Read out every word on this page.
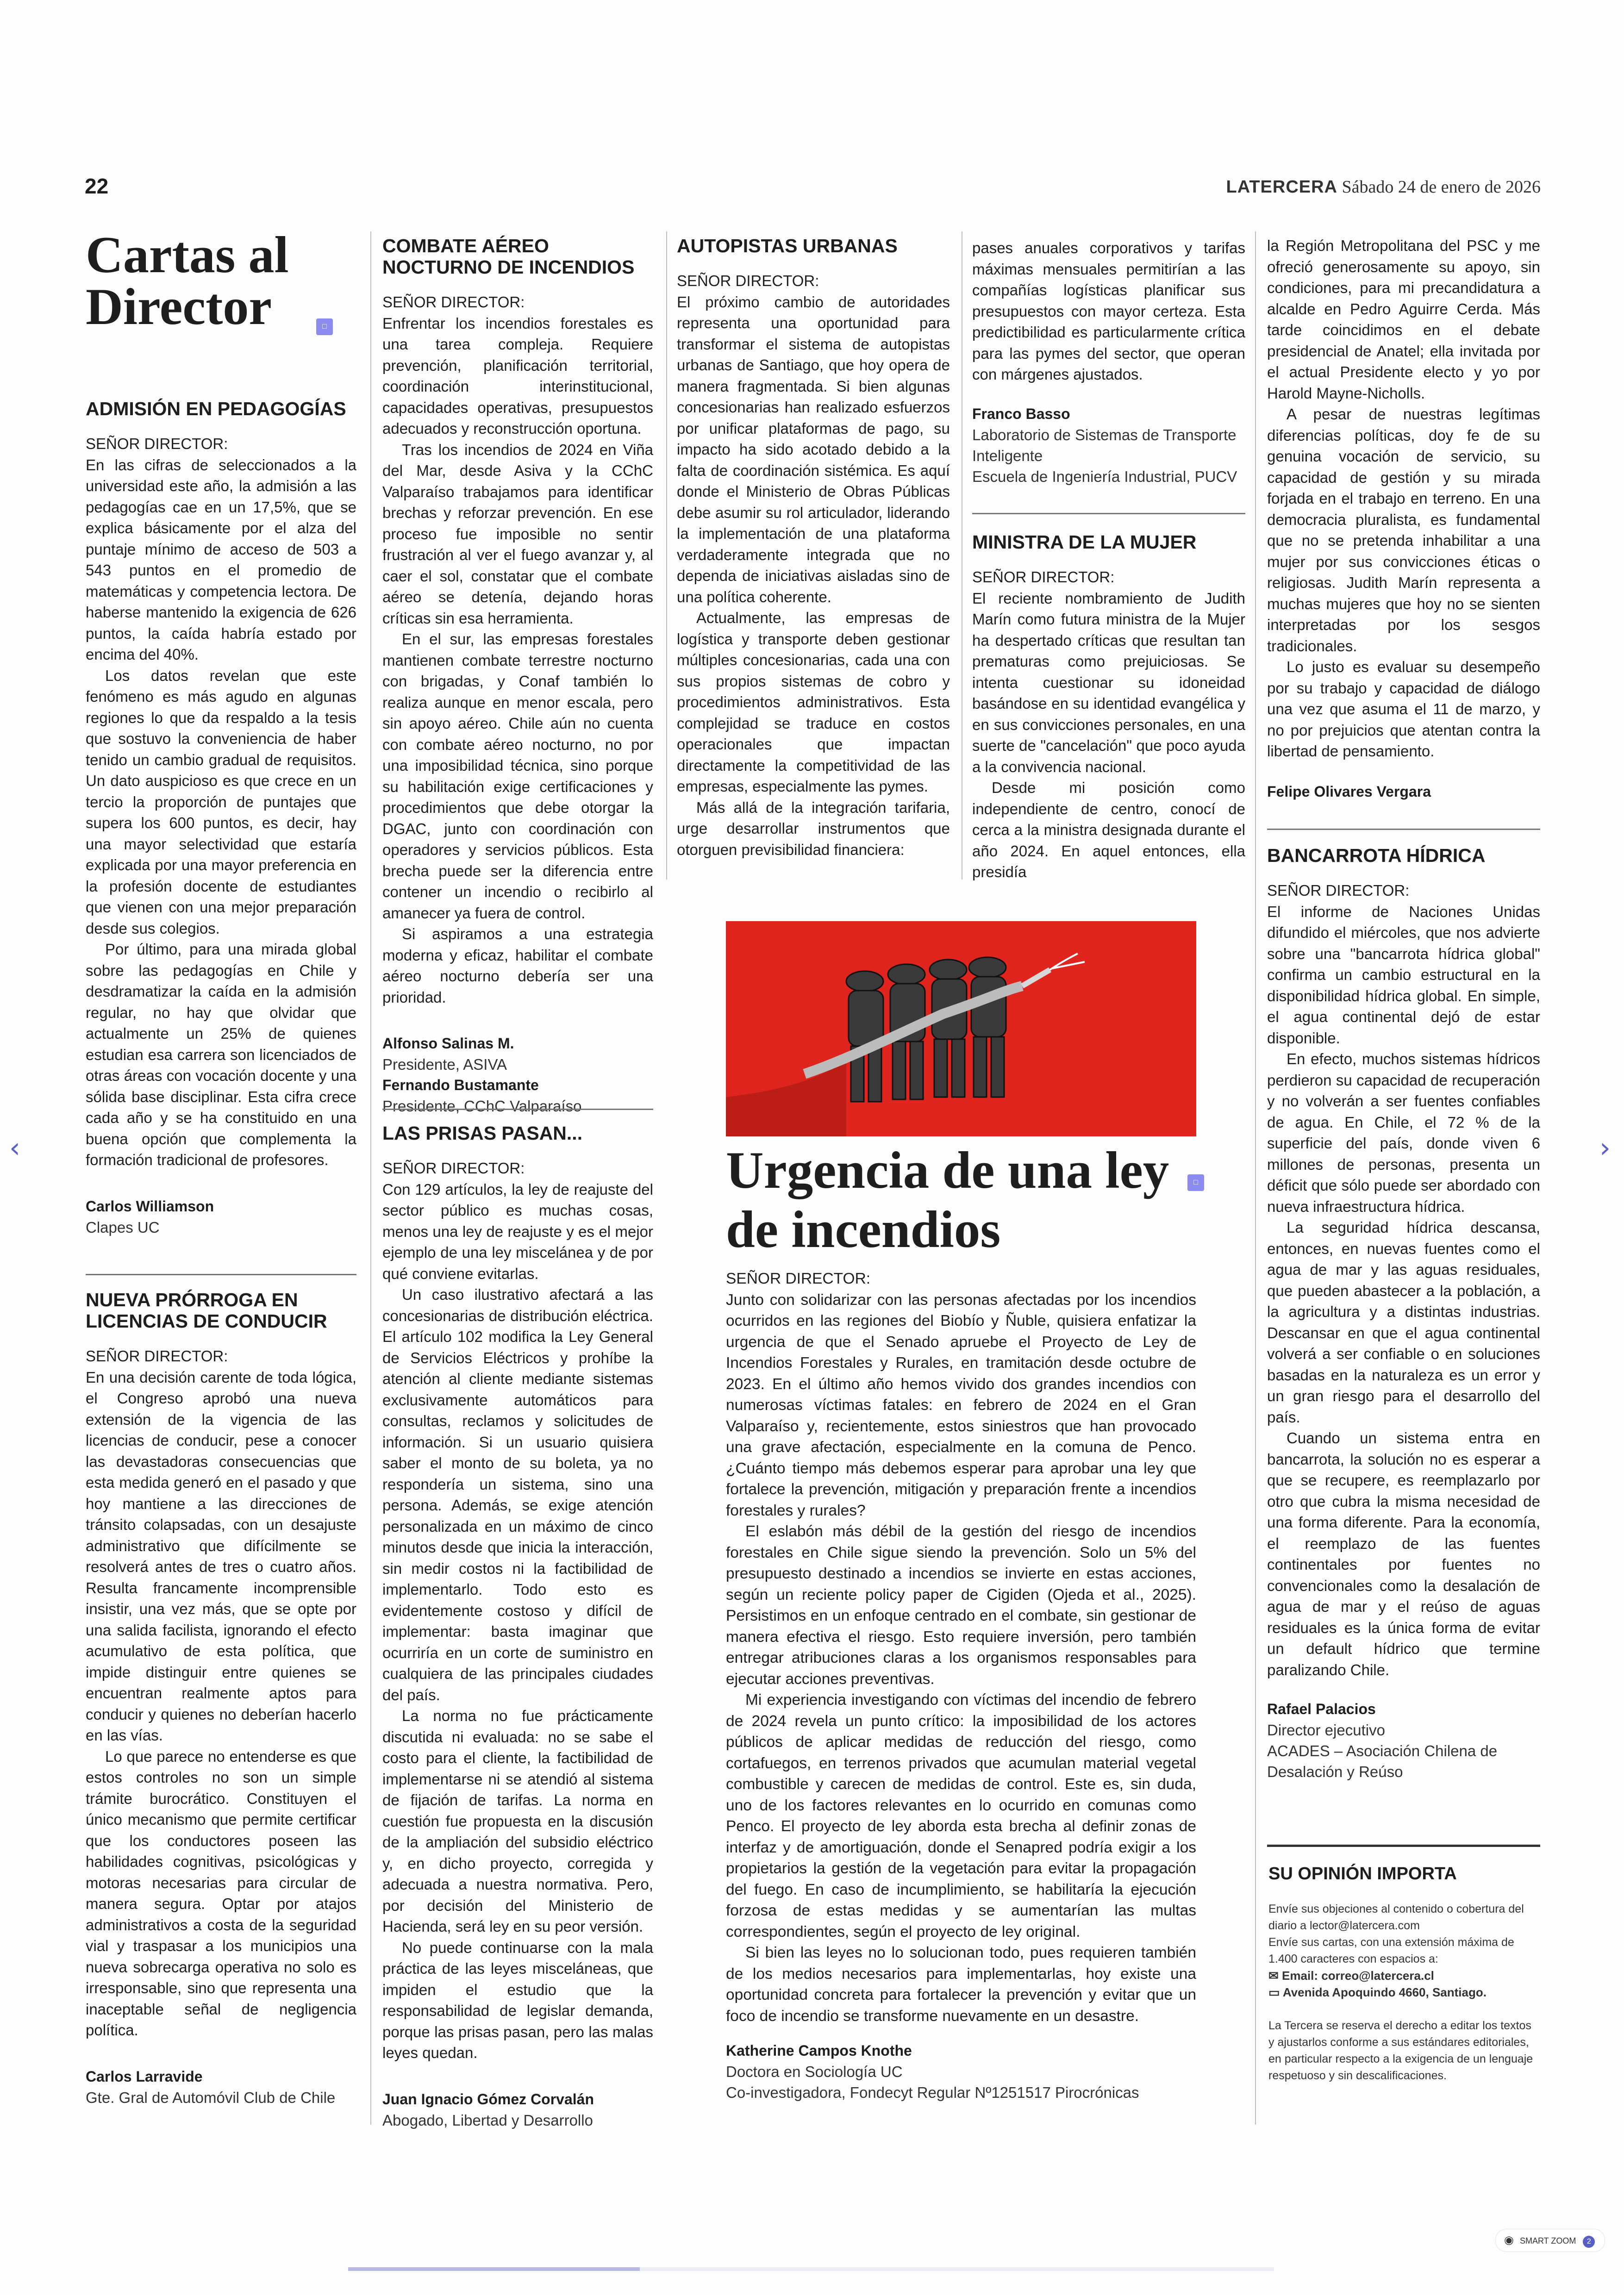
22	LATERCERA Sábado 24 de enero de 2026
Cartas al Director	□
ADMISIÓN EN PEDAGOGÍAS

SEÑOR DIRECTOR:

En las cifras de seleccionados a la universidad este año, la admisión a las pedagogías cae en un 17,5%, que se explica básicamente por el alza del puntaje mínimo de acceso de 503 a 543 puntos en el promedio de matemáticas y competencia lectora. De haberse mantenido la exigencia de 626 puntos, la caída habría estado por encima del 40%.

Los datos revelan que este fenómeno es más agudo en algunas regiones lo que da respaldo a la tesis que sostuvo la conveniencia de haber tenido un cambio gradual de requisitos. Un dato auspicioso es que crece en un tercio la proporción de puntajes que supera los 600 puntos, es decir, hay una mayor selectividad que estaría explicada por una mayor preferencia en la profesión docente de estudiantes que vienen con una mejor preparación desde sus colegios.

Por último, para una mirada global sobre las pedagogías en Chile y desdramatizar la caída en la admisión regular, no hay que olvidar que actualmente un 25% de quienes estudian esa carrera son licenciados de otras áreas con vocación docente y una sólida base disciplinar. Esta cifra crece cada año y se ha constituido en una buena opción que complementa la formación tradicional de profesores.

Carlos Williamson
Clapes UC
NUEVA PRÓRROGA EN LICENCIAS DE CONDUCIR

SEÑOR DIRECTOR:

En una decisión carente de toda lógica, el Congreso aprobó una nueva extensión de la vigencia de las licencias de conducir, pese a conocer las devastadoras consecuencias que esta medida generó en el pasado y que hoy mantiene a las direcciones de tránsito colapsadas, con un desajuste administrativo que difícilmente se resolverá antes de tres o cuatro años. Resulta francamente incomprensible insistir, una vez más, que se opte por una salida facilista, ignorando el efecto acumulativo de esta política, que impide distinguir entre quienes se encuentran realmente aptos para conducir y quienes no deberían hacerlo en las vías.

Lo que parece no entenderse es que estos controles no son un simple trámite burocrático. Constituyen el único mecanismo que permite certificar que los conductores poseen las habilidades cognitivas, psicológicas y motoras necesarias para circular de manera segura. Optar por atajos administrativos a costa de la seguridad vial y traspasar a los municipios una nueva sobrecarga operativa no solo es irresponsable, sino que representa una inaceptable señal de negligencia política.

Carlos Larravide
Gte. Gral de Automóvil Club de Chile
COMBATE AÉREO NOCTURNO DE INCENDIOS

SEÑOR DIRECTOR:

Enfrentar los incendios forestales es una tarea compleja. Requiere prevención, planificación territorial, coordinación interinstitucional, capacidades operativas, presupuestos adecuados y reconstrucción oportuna.

Tras los incendios de 2024 en Viña del Mar, desde Asiva y la CChC Valparaíso trabajamos para identificar brechas y reforzar prevención. En ese proceso fue imposible no sentir frustración al ver el fuego avanzar y, al caer el sol, constatar que el combate aéreo se detenía, dejando horas críticas sin esa herramienta.

En el sur, las empresas forestales mantienen combate terrestre nocturno con brigadas, y Conaf también lo realiza aunque en menor escala, pero sin apoyo aéreo. Chile aún no cuenta con combate aéreo nocturno, no por una imposibilidad técnica, sino porque su habilitación exige certificaciones y procedimientos que debe otorgar la DGAC, junto con coordinación con operadores y servicios públicos. Esta brecha puede ser la diferencia entre contener un incendio o recibirlo al amanecer ya fuera de control.

Si aspiramos a una estrategia moderna y eficaz, habilitar el combate aéreo nocturno debería ser una prioridad.

Alfonso Salinas M.
Presidente, ASIVA
Fernando Bustamante
Presidente, CChC Valparaíso
LAS PRISAS PASAN...

SEÑOR DIRECTOR:

Con 129 artículos, la ley de reajuste del sector público es muchas cosas, menos una ley de reajuste y es el mejor ejemplo de una ley miscelánea y de por qué conviene evitarlas.

Un caso ilustrativo afectará a las concesionarias de distribución eléctrica. El artículo 102 modifica la Ley General de Servicios Eléctricos y prohíbe la atención al cliente mediante sistemas exclusivamente automáticos para consultas, reclamos y solicitudes de información. Si un usuario quisiera saber el monto de su boleta, ya no respondería un sistema, sino una persona. Además, se exige atención personalizada en un máximo de cinco minutos desde que inicia la interacción, sin medir costos ni la factibilidad de implementarlo. Todo esto es evidentemente costoso y difícil de implementar: basta imaginar que ocurriría en un corte de suministro en cualquiera de las principales ciudades del país.

La norma no fue prácticamente discutida ni evaluada: no se sabe el costo para el cliente, la factibilidad de implementarse ni se atendió al sistema de fijación de tarifas. La norma en cuestión fue propuesta en la discusión de la ampliación del subsidio eléctrico y, en dicho proyecto, corregida y adecuada a nuestra normativa. Pero, por decisión del Ministerio de Hacienda, será ley en su peor versión.

No puede continuarse con la mala práctica de las leyes misceláneas, que impiden el estudio que la responsabilidad de legislar demanda, porque las prisas pasan, pero las malas leyes quedan.

Juan Ignacio Gómez Corvalán
Abogado, Libertad y Desarrollo
AUTOPISTAS URBANAS

SEÑOR DIRECTOR:

El próximo cambio de autoridades representa una oportunidad para transformar el sistema de autopistas urbanas de Santiago, que hoy opera de manera fragmentada. Si bien algunas concesionarias han realizado esfuerzos por unificar plataformas de pago, su impacto ha sido acotado debido a la falta de coordinación sistémica. Es aquí donde el Ministerio de Obras Públicas debe asumir su rol articulador, liderando la implementación de una plataforma verdaderamente integrada que no dependa de iniciativas aisladas sino de una política coherente.

Actualmente, las empresas de logística y transporte deben gestionar múltiples concesionarias, cada una con sus propios sistemas de cobro y procedimientos administrativos. Esta complejidad se traduce en costos operacionales que impactan directamente la competitividad de las empresas, especialmente las pymes.

Más allá de la integración tarifaria, urge desarrollar instrumentos que otorguen previsibilidad financiera:

pases anuales corporativos y tarifas máximas mensuales permitirían a las compañías logísticas planificar sus presupuestos con mayor certeza. Esta predictibilidad es particularmente crítica para las pymes del sector, que operan con márgenes ajustados.

Franco Basso
Laboratorio de Sistemas de Transporte Inteligente
Escuela de Ingeniería Industrial, PUCV
MINISTRA DE LA MUJER

SEÑOR DIRECTOR:

El reciente nombramiento de Judith Marín como futura ministra de la Mujer ha despertado críticas que resultan tan prematuras como prejuiciosas. Se intenta cuestionar su idoneidad basándose en su identidad evangélica y en sus convicciones personales, en una suerte de "cancelación" que poco ayuda a la convivencia nacional.

Desde mi posición como independiente de centro, conocí de cerca a la ministra designada durante el año 2024. En aquel entonces, ella presidía

Urgencia de una ley de incendios
□

SEÑOR DIRECTOR:

Junto con solidarizar con las personas afectadas por los incendios ocurridos en las regiones del Biobío y Ñuble, quisiera enfatizar la urgencia de que el Senado apruebe el Proyecto de Ley de Incendios Forestales y Rurales, en tramitación desde octubre de 2023. En el último año hemos vivido dos grandes incendios con numerosas víctimas fatales: en febrero de 2024 en el Gran Valparaíso y, recientemente, estos siniestros que han provocado una grave afectación, especialmente en la comuna de Penco. ¿Cuánto tiempo más debemos esperar para aprobar una ley que fortalece la prevención, mitigación y preparación frente a incendios forestales y rurales?

El eslabón más débil de la gestión del riesgo de incendios forestales en Chile sigue siendo la prevención. Solo un 5% del presupuesto destinado a incendios se invierte en estas acciones, según un reciente policy paper de Cigiden (Ojeda et al., 2025). Persistimos en un enfoque centrado en el combate, sin gestionar de manera efectiva el riesgo. Esto requiere inversión, pero también entregar atribuciones claras a los organismos responsables para ejecutar acciones preventivas.

Mi experiencia investigando con víctimas del incendio de febrero de 2024 revela un punto crítico: la imposibilidad de los actores públicos de aplicar medidas de reducción del riesgo, como cortafuegos, en terrenos privados que acumulan material vegetal combustible y carecen de medidas de control. Este es, sin duda, uno de los factores relevantes en lo ocurrido en comunas como Penco. El proyecto de ley aborda esta brecha al definir zonas de interfaz y de amortiguación, donde el Senapred podría exigir a los propietarios la gestión de la vegetación para evitar la propagación del fuego. En caso de incumplimiento, se habilitaría la ejecución forzosa de estas medidas y se aumentarían las multas correspondientes, según el proyecto de ley original.

Si bien las leyes no lo solucionan todo, pues requieren también de los medios necesarios para implementarlas, hoy existe una oportunidad concreta para fortalecer la prevención y evitar que un foco de incendio se transforme nuevamente en un desastre.

Katherine Campos Knothe
Doctora en Sociología UC
Co-investigadora, Fondecyt Regular Nº1251517 Pirocrónicas

la Región Metropolitana del PSC y me ofreció generosamente su apoyo, sin condiciones, para mi precandidatura a alcalde en Pedro Aguirre Cerda. Más tarde coincidimos en el debate presidencial de Anatel; ella invitada por el actual Presidente electo y yo por Harold Mayne-Nicholls.

A pesar de nuestras legítimas diferencias políticas, doy fe de su genuina vocación de servicio, su capacidad de gestión y su mirada forjada en el trabajo en terreno. En una democracia pluralista, es fundamental que no se pretenda inhabilitar a una mujer por sus convicciones éticas o religiosas. Judith Marín representa a muchas mujeres que hoy no se sienten interpretadas por los sesgos tradicionales.

Lo justo es evaluar su desempeño por su trabajo y capacidad de diálogo una vez que asuma el 11 de marzo, y no por prejuicios que atentan contra la libertad de pensamiento.

Felipe Olivares Vergara
BANCARROTA HÍDRICA

SEÑOR DIRECTOR:

El informe de Naciones Unidas difundido el miércoles, que nos advierte sobre una "bancarrota hídrica global" confirma un cambio estructural en la disponibilidad hídrica global. En simple, el agua continental dejó de estar disponible.

En efecto, muchos sistemas hídricos perdieron su capacidad de recuperación y no volverán a ser fuentes confiables de agua. En Chile, el 72 % de la superficie del país, donde viven 6 millones de personas, presenta un déficit que sólo puede ser abordado con nueva infraestructura hídrica.

La seguridad hídrica descansa, entonces, en nuevas fuentes como el agua de mar y las aguas residuales, que pueden abastecer a la población, a la agricultura y a distintas industrias. Descansar en que el agua continental volverá a ser confiable o en soluciones basadas en la naturaleza es un error y un gran riesgo para el desarrollo del país.

Cuando un sistema entra en bancarrota, la solución no es esperar a que se recupere, es reemplazarlo por otro que cubra la misma necesidad de una forma diferente. Para la economía, el reemplazo de las fuentes continentales por fuentes no convencionales como la desalación de agua de mar y el reúso de aguas residuales es la única forma de evitar un default hídrico que termine paralizando Chile.

Rafael Palacios
Director ejecutivo
ACADES – Asociación Chilena de Desalación y Reúso
SU OPINIÓN IMPORTA
Envíe sus objeciones al contenido o cobertura del diario a lector@latercera.com
Envíe sus cartas, con una extensión máxima de 1.400 caracteres con espacios a:
✉ Email: correo@latercera.cl
▭ Avenida Apoquindo 4660, Santiago.
La Tercera se reserva el derecho a editar los textos y ajustarlos conforme a sus estándares editoriales, en particular respecto a la exigencia de un lenguaje respetuoso y sin descalificaciones.
‹	›
◉ SMART ZOOM 2
